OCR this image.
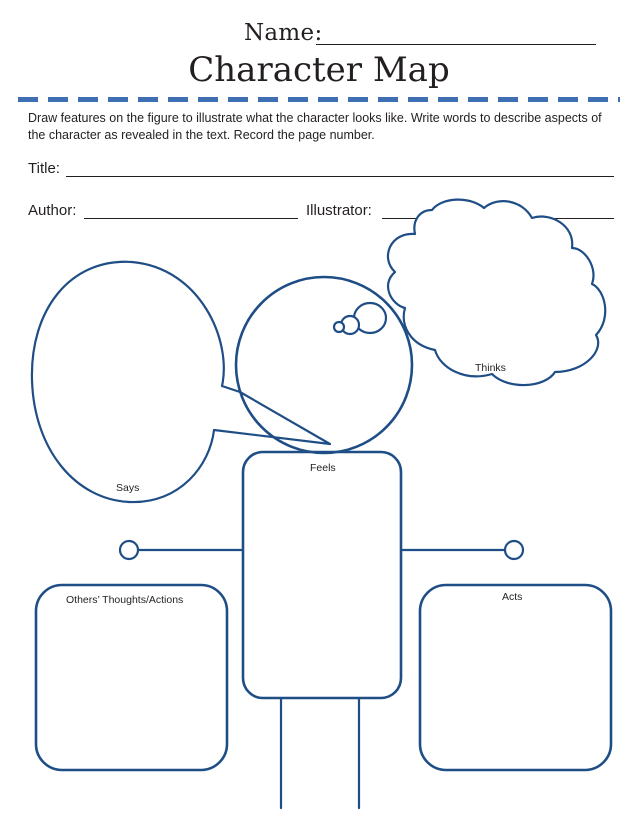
Name:
Character Map
Draw features on the figure to illustrate what the character looks like. Write words to describe aspects of the character as revealed in the text. Record the page number.
Title:
Author:	Illustrator:
Says
Thinks
Feels
Others’ Thoughts/Actions	Acts
